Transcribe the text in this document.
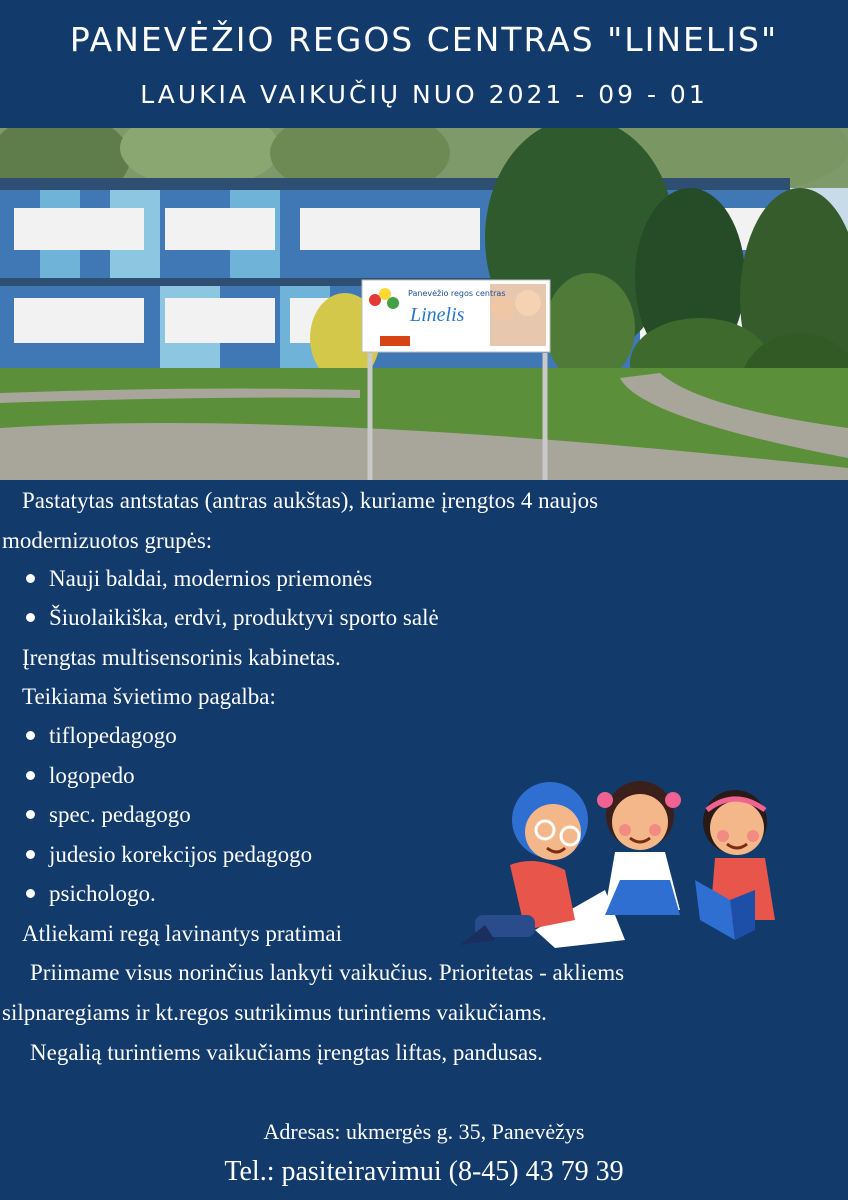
PANEVĖŽIO REGOS CENTRAS "LINELIS"
LAUKIA VAIKUČIŲ NUO 2021 - 09 - 01
Panevėžio regos centras
Linelis
Pastatytas antstatas (antras aukštas), kuriame įrengtos 4 naujos
modernizuotos grupės:
Nauji baldai, modernios priemonės
Šiuolaikiška, erdvi, produktyvi sporto salė
Įrengtas multisensorinis kabinetas.
Teikiama švietimo pagalba:
tiflopedagogo
logopedo
spec. pedagogo
judesio korekcijos pedagogo
psichologo.
Atliekami regą lavinantys pratimai
Priimame visus norinčius lankyti vaikučius. Prioritetas - akliems
silpnaregiams ir kt.regos sutrikimus turintiems vaikučiams.
Negalią turintiems vaikučiams įrengtas liftas, pandusas.
Adresas: ukmergės g. 35, Panevėžys
Tel.: pasiteiravimui (8-45) 43 79 39
